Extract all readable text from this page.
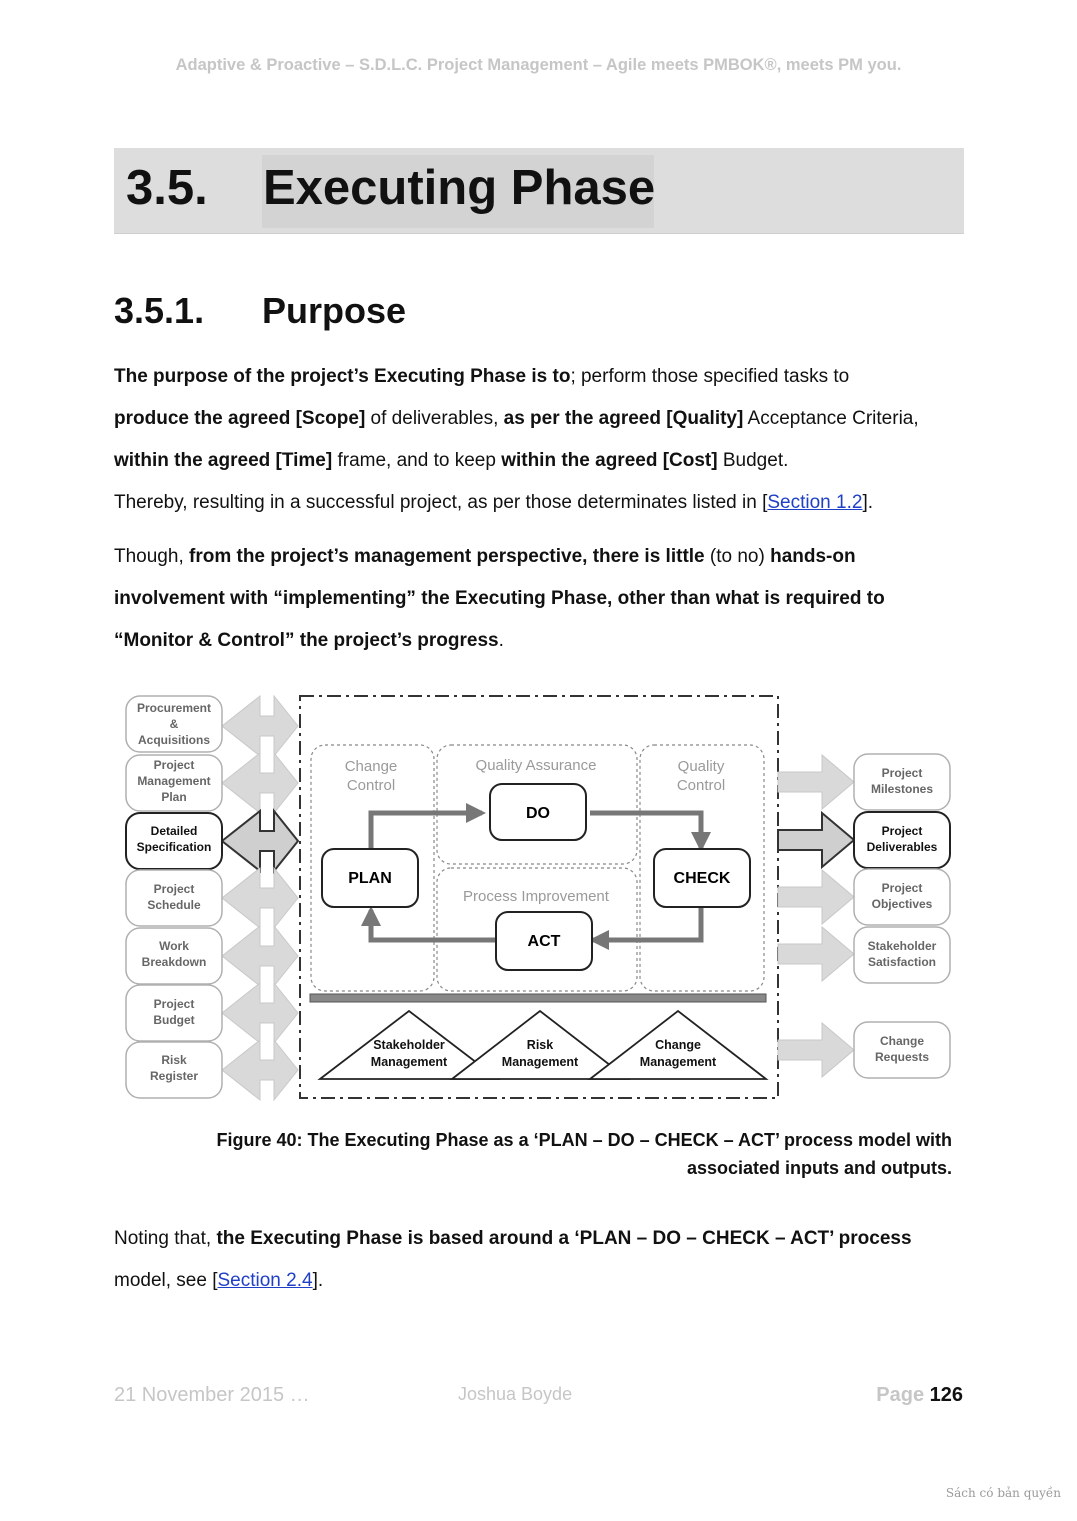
Adaptive & Proactive – S.D.L.C. Project Management – Agile meets PMBOK®, meets PM you.
3.5. Executing Phase
3.5.1. Purpose
The purpose of the project’s Executing Phase is to; perform those specified tasks to
produce the agreed [Scope] of deliverables, as per the agreed [Quality] Acceptance Criteria, within the agreed [Time] frame, and to keep within the agreed [Cost] Budget.
Thereby, resulting in a successful project, as per those determinates listed in [Section 1.2].
Though, from the project’s management perspective, there is little (to no) hands-on involvement with “implementing” the Executing Phase, other than what is required to “Monitor & Control” the project’s progress.
Procurement & Acquisitions
Project Management Plan
Detailed Specification
Project Schedule
Work Breakdown
Project Budget
Risk Register
Change Control
Quality Assurance	Quality Control
Process Improvement
DO
PLAN	CHECK
ACT
Stakeholder Management
Risk Management
Change Management
Project Milestones
Project Deliverables
Project Objectives
Stakeholder Satisfaction
Change Requests
Figure 40: The Executing Phase as a ‘PLAN – DO – CHECK – ACT’ process model with
associated inputs and outputs.
Noting that, the Executing Phase is based around a ‘PLAN – DO – CHECK – ACT’ process
model, see [Section 2.4].
21 November 2015 …	Joshua Boyde	Page 126
Sách có bản quyền
